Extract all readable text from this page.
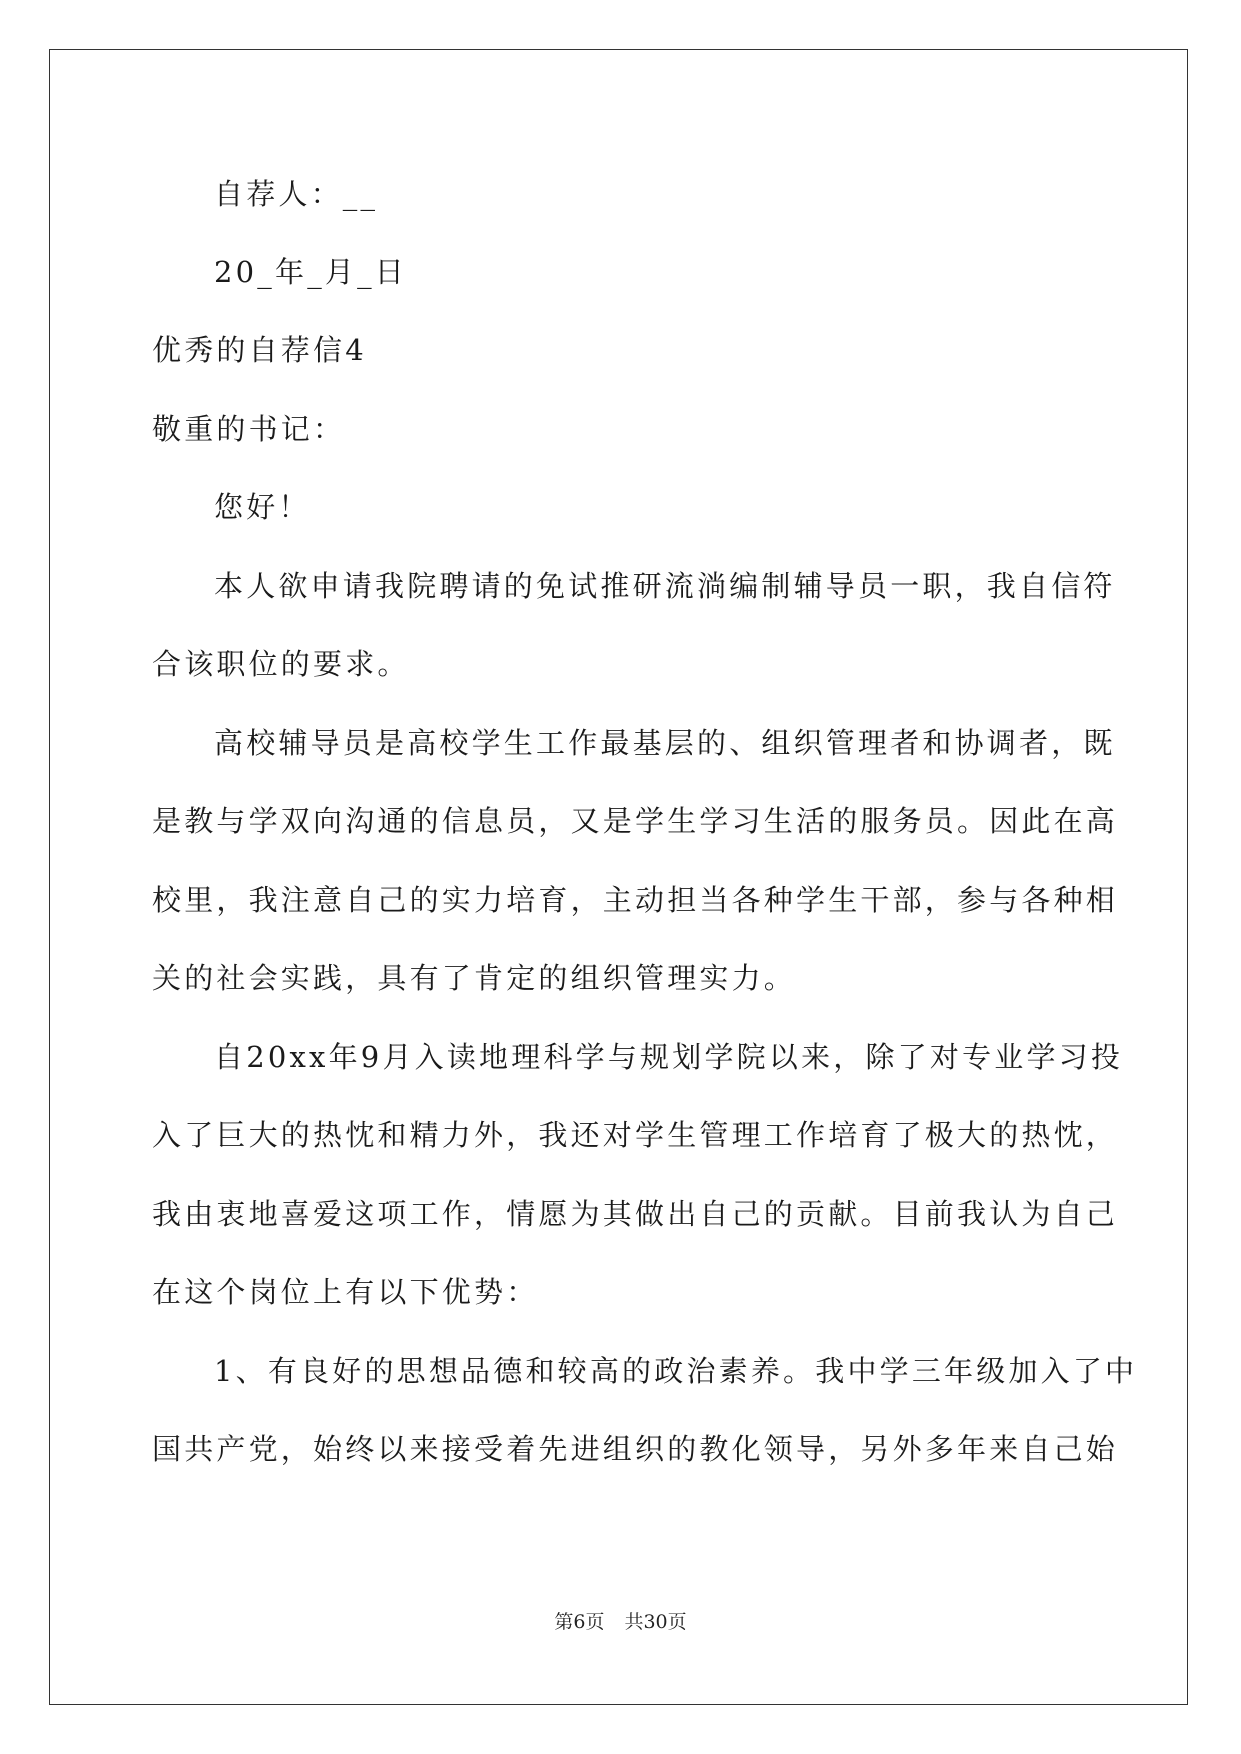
自荐人：__
20_年_月_日
优秀的自荐信4
敬重的书记：
您好！
本人欲申请我院聘请的免试推研流淌编制辅导员一职，我自信符
合该职位的要求。
高校辅导员是高校学生工作最基层的、组织管理者和协调者，既
是教与学双向沟通的信息员，又是学生学习生活的服务员。因此在高
校里，我注意自己的实力培育，主动担当各种学生干部，参与各种相
关的社会实践，具有了肯定的组织管理实力。
自20xx年9月入读地理科学与规划学院以来，除了对专业学习投
入了巨大的热忱和精力外，我还对学生管理工作培育了极大的热忱，
我由衷地喜爱这项工作，情愿为其做出自己的贡献。目前我认为自己
在这个岗位上有以下优势：
1、有良好的思想品德和较高的政治素养。我中学三年级加入了中
国共产党，始终以来接受着先进组织的教化领导，另外多年来自己始
第6页 共30页
